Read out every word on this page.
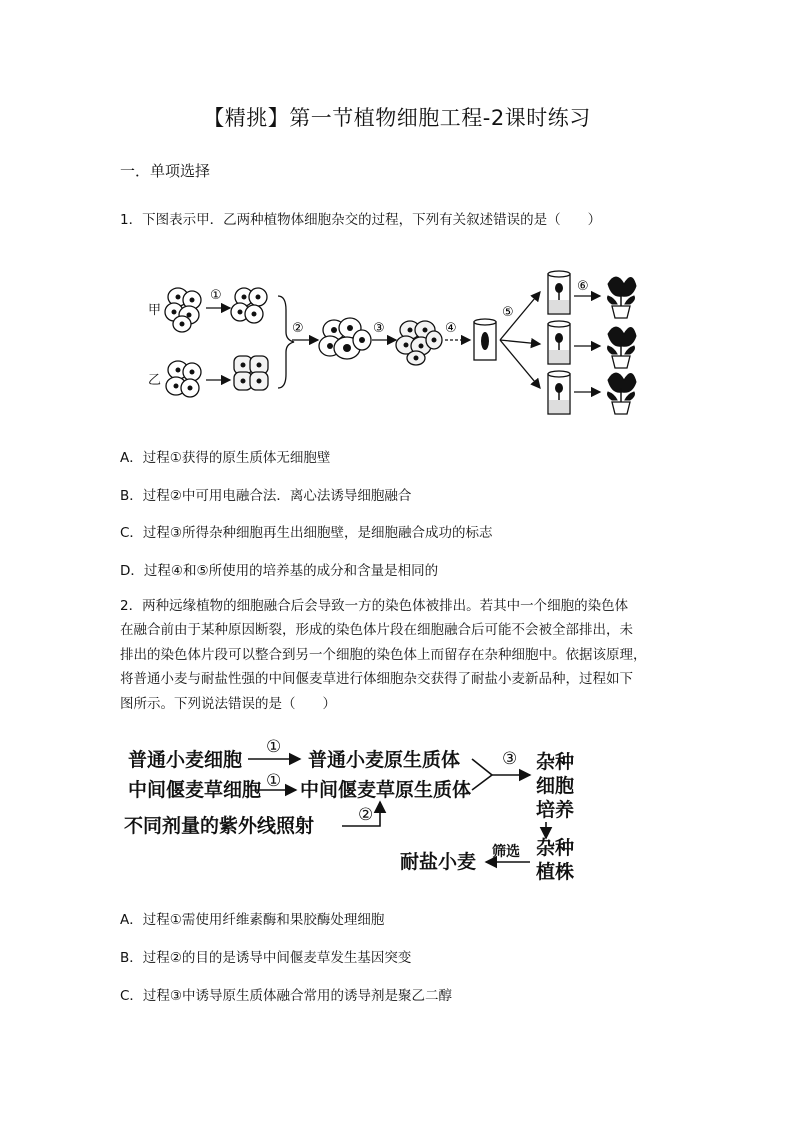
【精挑】第一节植物细胞工程-2课时练习
一．单项选择
1．下图表示甲．乙两种植物体细胞杂交的过程，下列有关叙述错误的是（　　）
甲
乙
①
②	③	④
⑤
⑥
A．过程①获得的原生质体无细胞壁
B．过程②中可用电融合法．离心法诱导细胞融合
C．过程③所得杂种细胞再生出细胞壁，是细胞融合成功的标志
D．过程④和⑤所使用的培养基的成分和含量是相同的
2．两种远缘植物的细胞融合后会导致一方的染色体被排出。若其中一个细胞的染色体
在融合前由于某种原因断裂，形成的染色体片段在细胞融合后可能不会被全部排出，未
排出的染色体片段可以整合到另一个细胞的染色体上而留存在杂种细胞中。依据该原理，
将普通小麦与耐盐性强的中间偃麦草进行体细胞杂交获得了耐盐小麦新品种，过程如下
图所示。下列说法错误的是（　　）
普通小麦细胞	普通小麦原生质体
中间偃麦草细胞 中间偃麦草原生质体
不同剂量的紫外线照射
耐盐小麦
杂种
细胞
培养
杂种
植株
①
①
②
③
筛选
A．过程①需使用纤维素酶和果胶酶处理细胞
B．过程②的目的是诱导中间偃麦草发生基因突变
C．过程③中诱导原生质体融合常用的诱导剂是聚乙二醇
